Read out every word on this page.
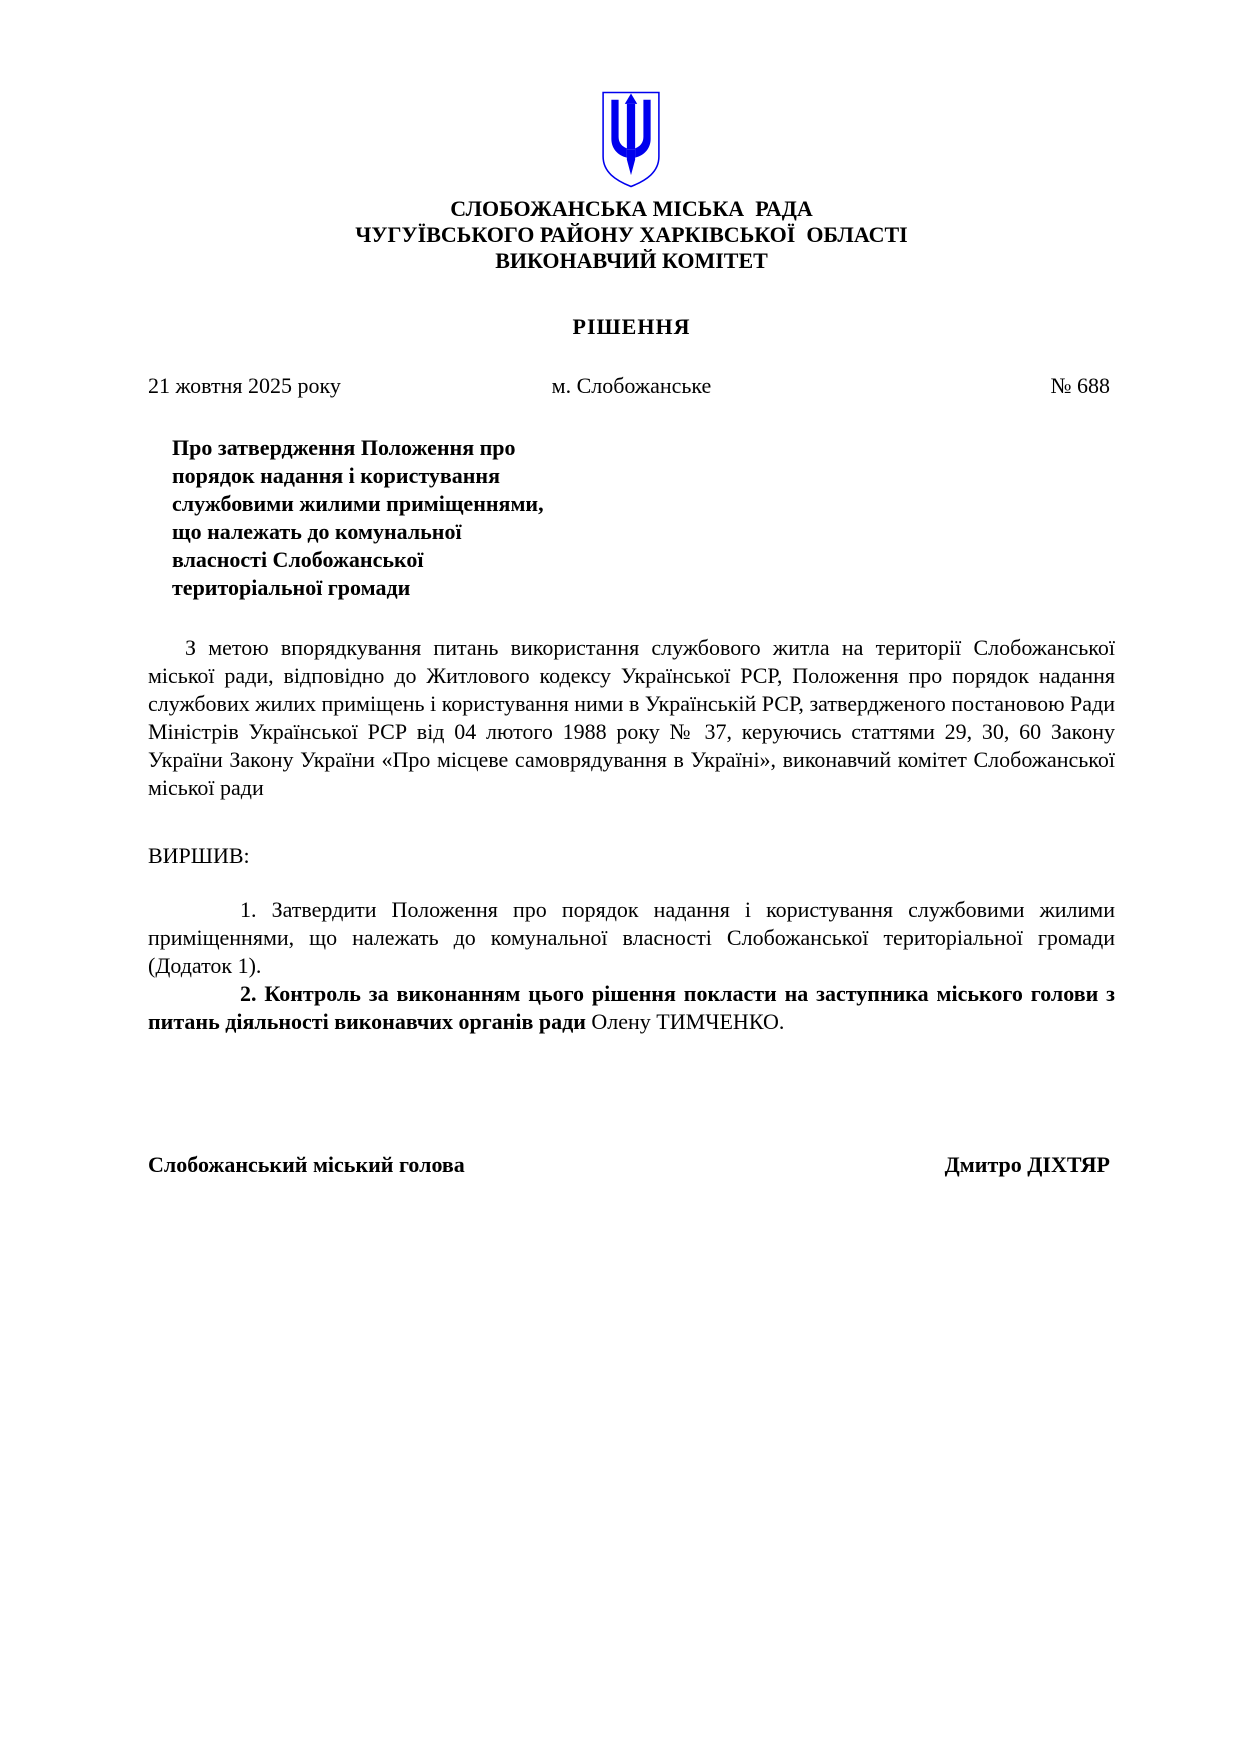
СЛОБОЖАНСЬКА МІСЬКА  РАДА
ЧУГУЇВСЬКОГО РАЙОНУ ХАРКІВСЬКОЇ  ОБЛАСТІ
ВИКОНАВЧИЙ КОМІТЕТ
РІШЕННЯ
21 жовтня 2025 року	м. Слобожанське	№ 688
Про затвердження Положення про
порядок надання і користування
службовими жилими приміщеннями,
що належать до комунальної
власності Слобожанської
територіальної громади
З метою впорядкування питань використання службового житла на території Слобожанської міської ради, відповідно до Житлового кодексу Української РСР, Положення про порядок надання службових жилих приміщень і користування ними в Українській РСР, затвердженого постановою Ради Міністрів Української РСР від 04 лютого 1988 року № 37, керуючись статтями 29, 30, 60 Закону України Закону України «Про місцеве самоврядування в Україні», виконавчий комітет Слобожанської міської ради
ВИРШИВ:

1. Затвердити Положення про порядок надання і користування службовими жилими приміщеннями, що належать до комунальної власності Слобожанської територіальної громади (Додаток 1).

2. Контроль за виконанням цього рішення покласти на заступника міського голови з питань діяльності виконавчих органів ради Олену ТИМЧЕНКО.

Слобожанський міський голова	Дмитро ДІХТЯР
